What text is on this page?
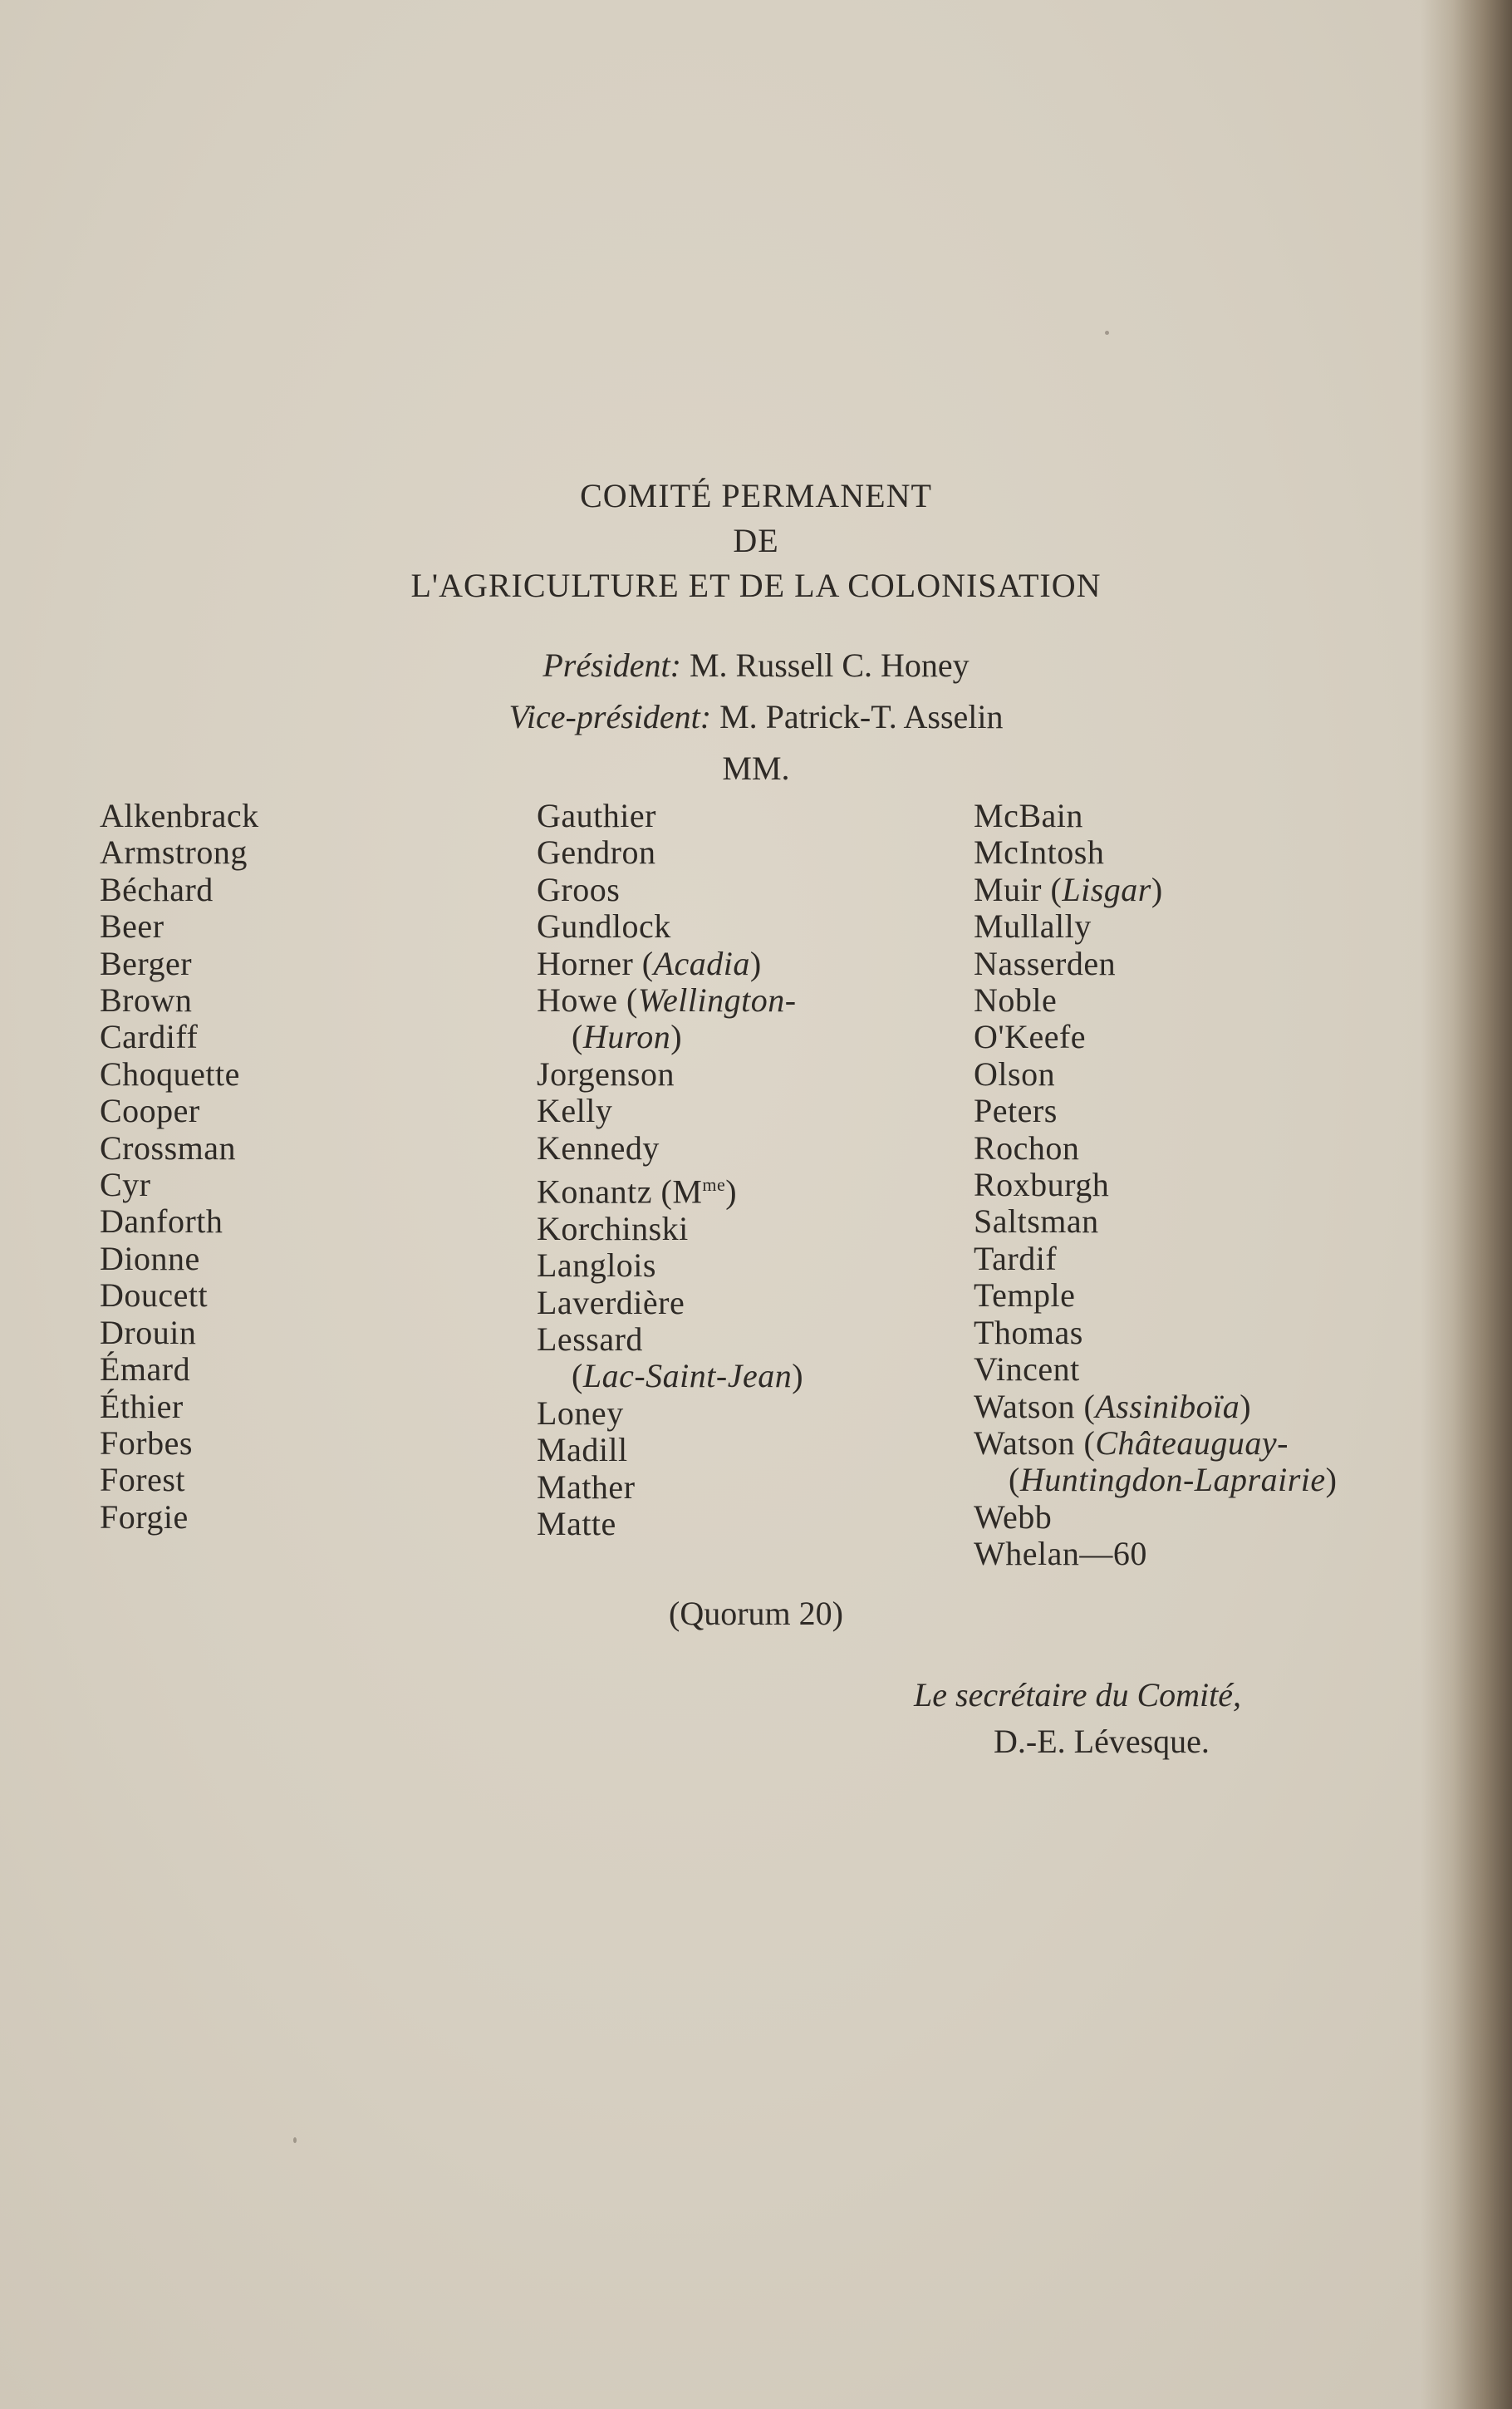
COMITÉ PERMANENT
DE
L'AGRICULTURE ET DE LA COLONISATION
Président: M. Russell C. Honey
Vice-président: M. Patrick-T. Asselin
MM.
Alkenbrack
Armstrong
Béchard
Beer
Berger
Brown
Cardiff
Choquette
Cooper
Crossman
Cyr
Danforth
Dionne
Doucett
Drouin
Émard
Éthier
Forbes
Forest
Forgie
Gauthier
Gendron
Groos
Gundlock
Horner (Acadia)
Howe (Wellington-
(Huron)
Jorgenson
Kelly
Kennedy
Konantz $(M^{me})$
Korchinski
Langlois
Laverdière
Lessard
(Lac-Saint-Jean)
Loney
Madill
Mather
Matte
McBain
McIntosh
Muir (Lisgar)
Mullally
Nasserden
Noble
O'Keefe
Olson
Peters
Rochon
Roxburgh
Saltsman
Tardif
Temple
Thomas
Vincent
Watson (Assiniboïa)
Watson (Châteauguay-
(Huntingdon-Laprairie)
Webb
Whelan—60
(Quorum 20)
Le secrétaire du Comité,
D.-E. Lévesque.
